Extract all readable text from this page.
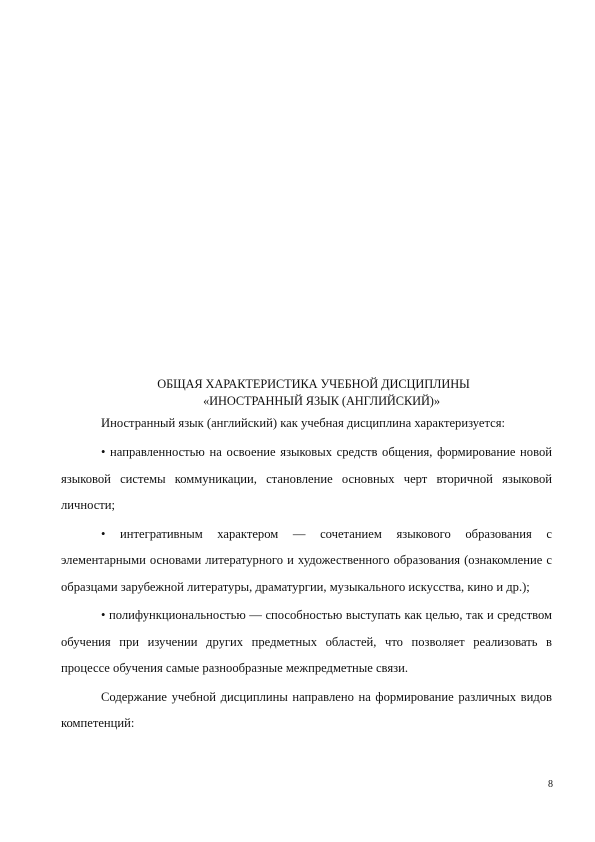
ОБЩАЯ ХАРАКТЕРИСТИКА УЧЕБНОЙ ДИСЦИПЛИНЫ
«ИНОСТРАННЫЙ ЯЗЫК (АНГЛИЙСКИЙ)»

Иностранный язык (английский) как учебная дисциплина характеризуется:

• направленностью на освоение языковых средств общения, формирование новой языковой системы коммуникации, становление основных черт вторичной языковой личности;

• интегративным характером — сочетанием языкового образования с элементарными основами литературного и художественного образования (ознакомление с образцами зарубежной литературы, драматургии, музыкального искусства, кино и др.);

• полифункциональностью — способностью выступать как целью, так и средством обучения при изучении других предметных областей, что позволяет реализовать в процессе обучения самые разнообразные межпредметные связи.

Содержание учебной дисциплины направлено на формирование различных видов компетенций:

8
